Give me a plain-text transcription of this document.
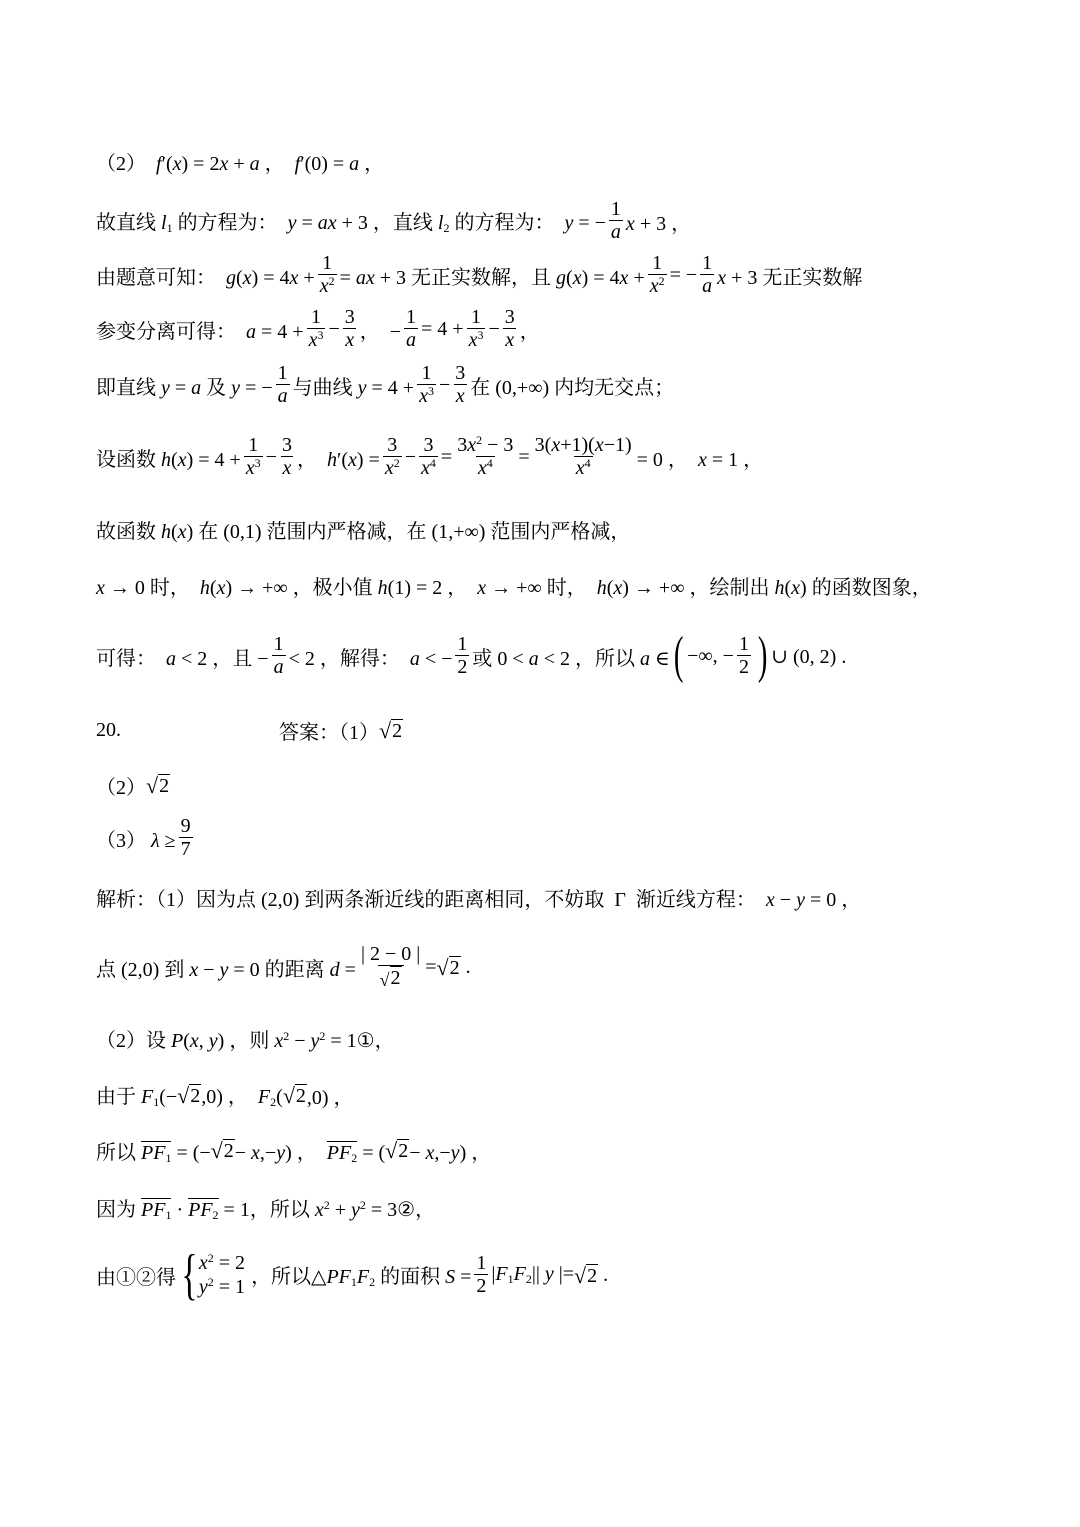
（2）  f′(x) = 2x + a ，  f′(0) = a ，
故直线 $l_1$ 的方程为：  y = ax + 3 ，直线 $l_2$ 的方程为：  y = − $\frac{1}{a}$ x + 3 ，
由题意可知：  $g(x) = 4x + \frac{1}{x^2}$ = ax + 3 无正实数解，且 $g(x) = 4x + \frac{1}{x^2}$ = − $\frac{1}{a}$ x + 3 无正实数解
参变分离可得：  $a = 4 + \frac{1}{x^3} - \frac{3}{x}$ ，  − $\frac{1}{a} = 4 + \frac{1}{x^3} - \frac{3}{x}$ ，
即直线 y = a 及 y = − $\frac{1}{a}$ 与曲线 $y = 4 + \frac{1}{x^3} - \frac{3}{x}$ 在 (0,+∞) 内均无交点；
设函数 $h(x) = 4 + \frac{1}{x^3} - \frac{3}{x}$ ，  $h'(x) = \frac{3}{x^2} - \frac{3}{x^4} = \frac{3x^2 - 3}{x^4} = \frac{3(x+1)(x-1)}{x^4} = 0$ ，  x = 1 ，
故函数 h(x) 在 (0,1) 范围内严格减，在 (1,+∞) 范围内严格减，
x → 0 时，  h(x) → +∞ ，极小值 h(1) = 2 ，  x → +∞ 时，  h(x) → +∞ ，绘制出 h(x) 的函数图象，
可得：  a < 2 ，且 − $\frac{1}{a} < 2$ ，解得：  a < − $\frac{1}{2}$ 或 0 < a < 2 ，所以 a ∈ ( −∞, − $\frac{1}{2}$ ) ∪ (0, 2) .
20.	答案：（1） √ 2
（2） √ 2
（3） $\lambda \ge \frac{9}{7}$
解析：（1）因为点 (2,0) 到两条渐近线的距离相同，不妨取  Γ  渐近线方程：  x − y = 0 ，
点 (2,0) 到 x − y = 0 的距离 $d = \frac{| 2 - 0 |}{√ 2}$ = √ 2 .
（2）设 P(x, y) ，则 $x^2 - y^2$ = 1①，
由于 $F_1(-$ √ 2 ,0) ，  $F_2$( √ 2 ,0) ，
所以 $PF_1$ = (− √ 2 − x,−y) ，  $PF_2$ = ( √ 2 − x,−y) ，
因为 $PF_1 \cdot PF_2 = 1$，所以 $x^2 + y^2$ = 3②，
由①②得 { $x^2 = 2$
$y^2 = 1$ ，所以$\triangle PF_1F_2$ 的面积 $S = \frac{1}{2} |F_1F_2||$ y |= √ 2 .
